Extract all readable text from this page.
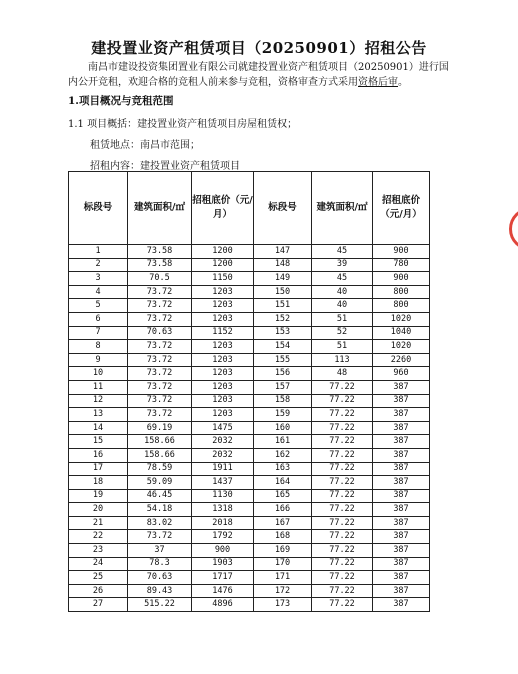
建投置业资产租赁项目（20250901）招租公告
南昌市建设投资集团置业有限公司就建投置业资产租赁项目（20250901）进行国内公开竞租，欢迎合格的竞租人前来参与竞租，资格审查方式采用资格后审。
1.项目概况与竞租范围
1.1 项目概括：建投置业资产租赁项目房屋租赁权；
租赁地点：南昌市范围；
招租内容：建投置业资产租赁项目
标段号	建筑面积/㎡	招租底价（元/月）	标段号	建筑面积/㎡	招租底价（元/月）
1	73.58	1200	147	45	900
2	73.58	1200	148	39	780
3	70.5	1150	149	45	900
4	73.72	1203	150	40	800
5	73.72	1203	151	40	800
6	73.72	1203	152	51	1020
7	70.63	1152	153	52	1040
8	73.72	1203	154	51	1020
9	73.72	1203	155	113	2260
10	73.72	1203	156	48	960
11	73.72	1203	157	77.22	387
12	73.72	1203	158	77.22	387
13	73.72	1203	159	77.22	387
14	69.19	1475	160	77.22	387
15	158.66	2032	161	77.22	387
16	158.66	2032	162	77.22	387
17	78.59	1911	163	77.22	387
18	59.09	1437	164	77.22	387
19	46.45	1130	165	77.22	387
20	54.18	1318	166	77.22	387
21	83.02	2018	167	77.22	387
22	73.72	1792	168	77.22	387
23	37	900	169	77.22	387
24	78.3	1903	170	77.22	387
25	70.63	1717	171	77.22	387
26	89.43	1476	172	77.22	387
27	515.22	4896	173	77.22	387
